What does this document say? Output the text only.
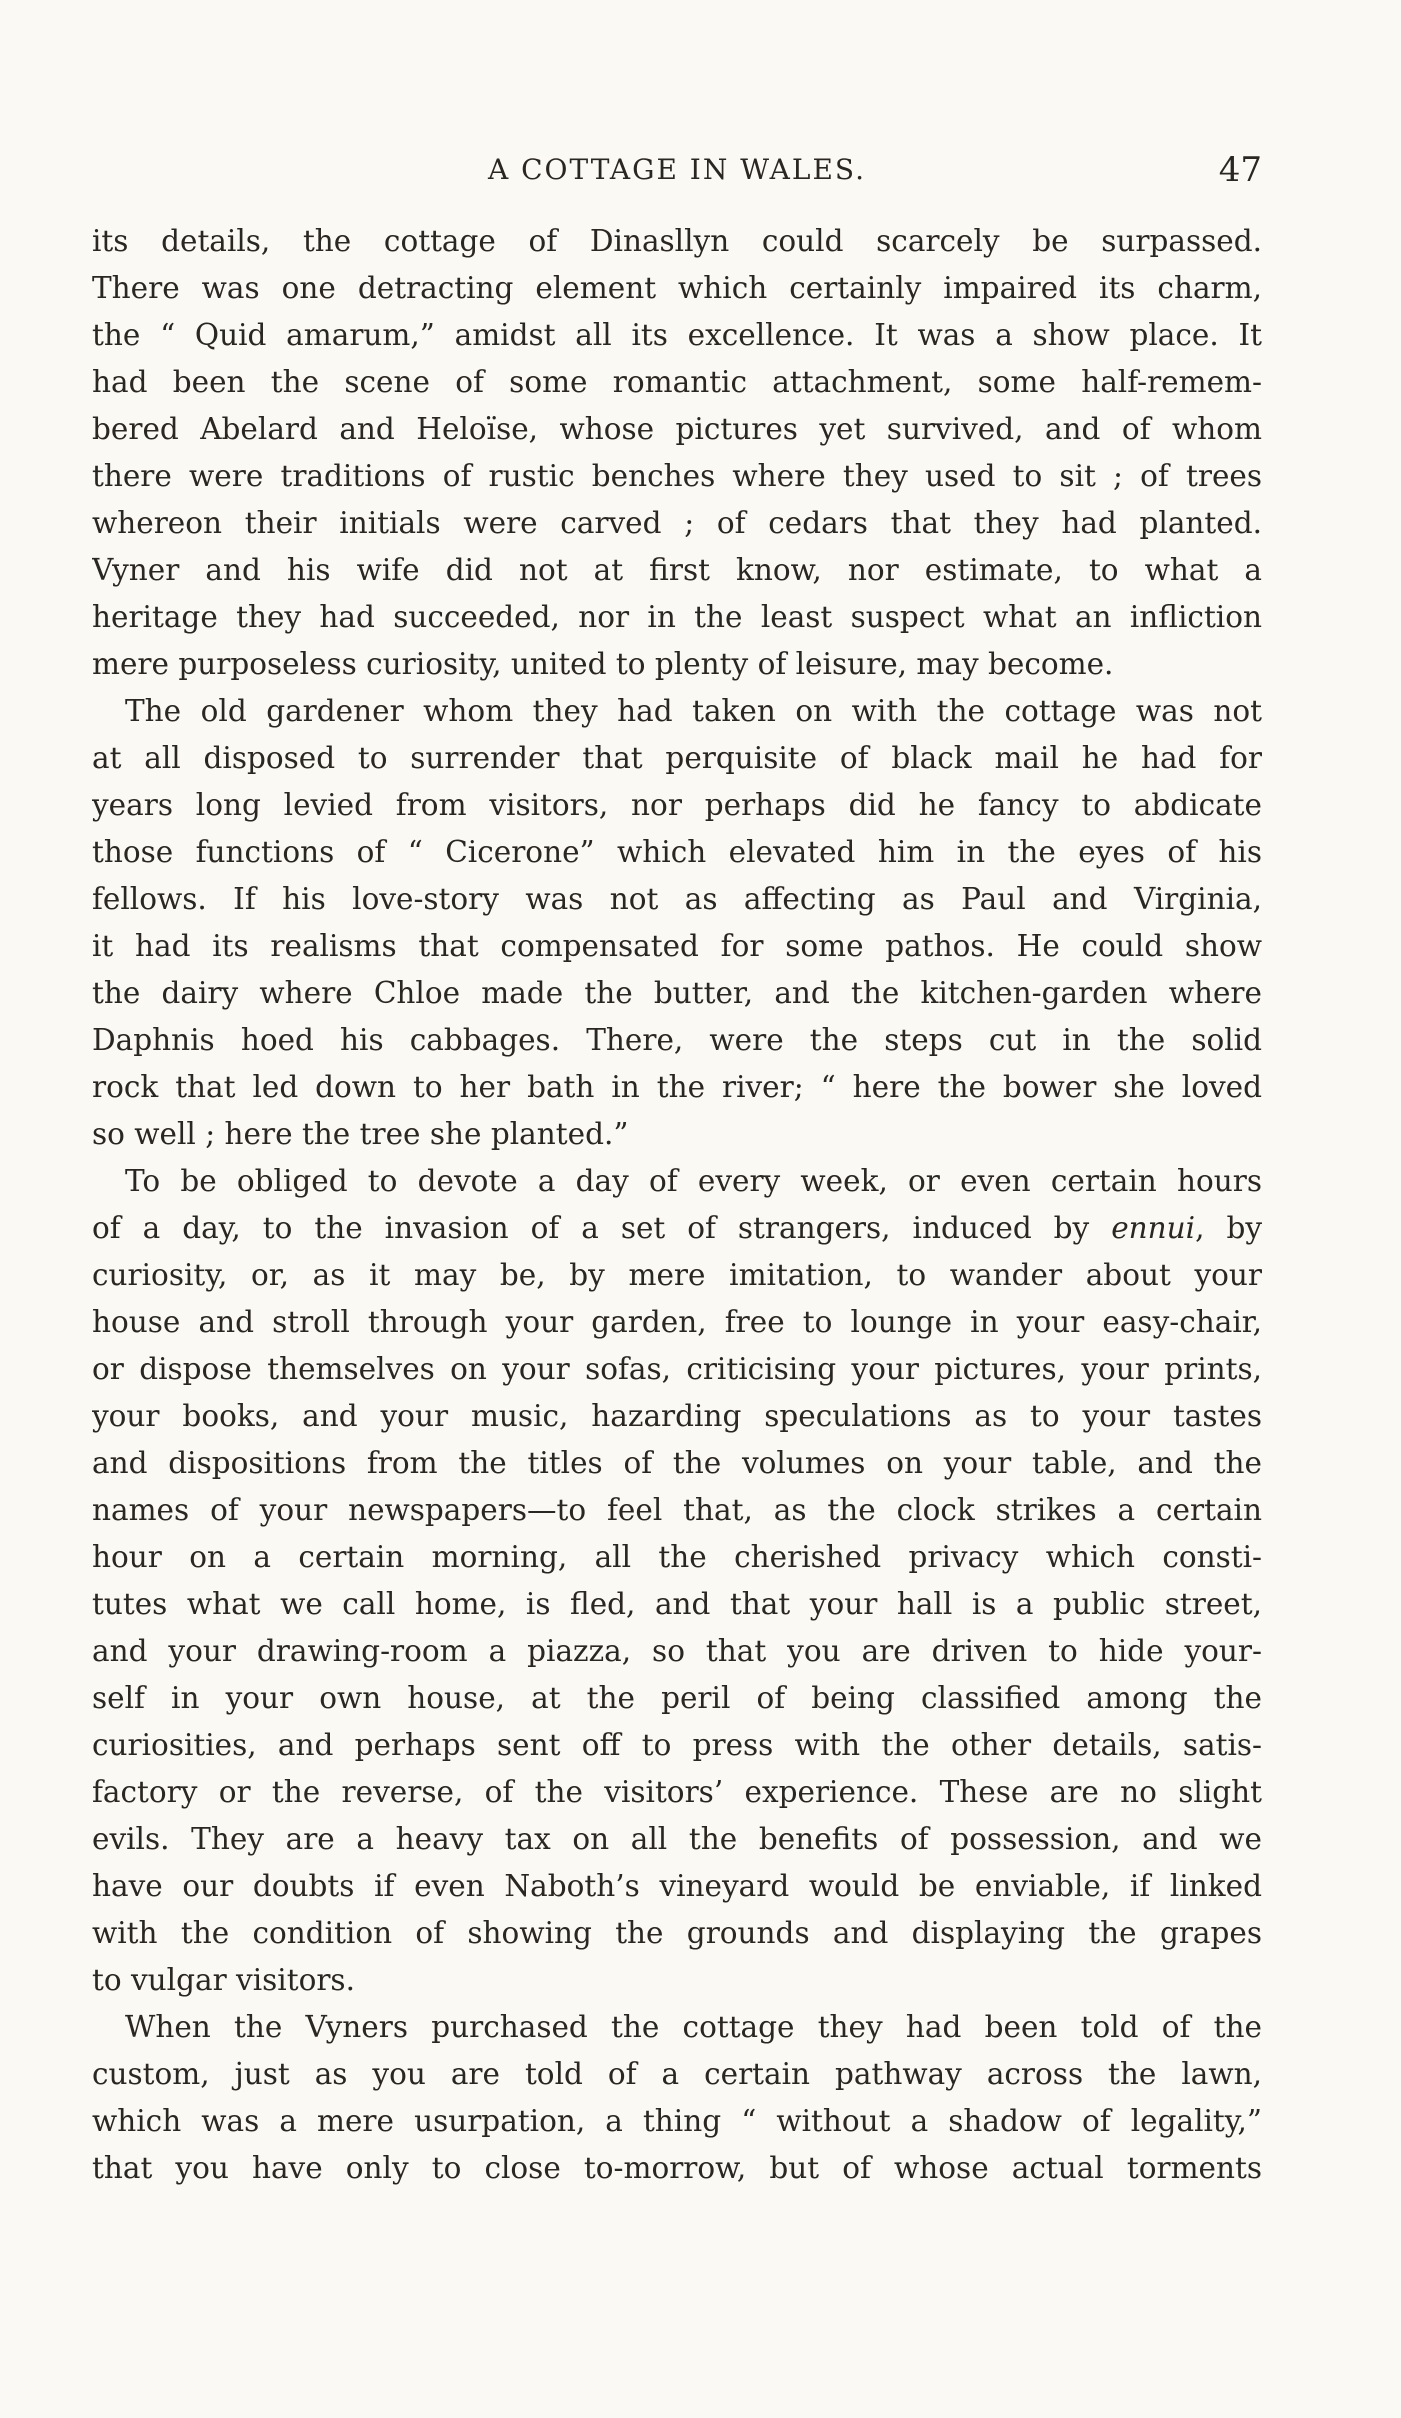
A COTTAGE IN WALES.	47
its details, the cottage of Dinasllyn could scarcely be surpassed.
There was one detracting element which certainly impaired its charm,
the “ Quid amarum,” amidst all its excellence. It was a show place. It
had been the scene of some romantic attachment, some half-remem-
bered Abelard and Heloïse, whose pictures yet survived, and of whom
there were traditions of rustic benches where they used to sit ; of trees
whereon their initials were carved ; of cedars that they had planted.
Vyner and his wife did not at first know, nor estimate, to what a
heritage they had succeeded, nor in the least suspect what an infliction
mere purposeless curiosity, united to plenty of leisure, may become.
The old gardener whom they had taken on with the cottage was not
at all disposed to surrender that perquisite of black mail he had for
years long levied from visitors, nor perhaps did he fancy to abdicate
those functions of “ Cicerone” which elevated him in the eyes of his
fellows. If his love-story was not as affecting as Paul and Virginia,
it had its realisms that compensated for some pathos. He could show
the dairy where Chloe made the butter, and the kitchen-garden where
Daphnis hoed his cabbages. There, were the steps cut in the solid
rock that led down to her bath in the river; “ here the bower she loved
so well ; here the tree she planted.”
To be obliged to devote a day of every week, or even certain hours
of a day, to the invasion of a set of strangers, induced by ennui, by
curiosity, or, as it may be, by mere imitation, to wander about your
house and stroll through your garden, free to lounge in your easy-chair,
or dispose themselves on your sofas, criticising your pictures, your prints,
your books, and your music, hazarding speculations as to your tastes
and dispositions from the titles of the volumes on your table, and the
names of your newspapers—to feel that, as the clock strikes a certain
hour on a certain morning, all the cherished privacy which consti-
tutes what we call home, is fled, and that your hall is a public street,
and your drawing-room a piazza, so that you are driven to hide your-
self in your own house, at the peril of being classified among the
curiosities, and perhaps sent off to press with the other details, satis-
factory or the reverse, of the visitors’ experience. These are no slight
evils. They are a heavy tax on all the benefits of possession, and we
have our doubts if even Naboth’s vineyard would be enviable, if linked
with the condition of showing the grounds and displaying the grapes
to vulgar visitors.
When the Vyners purchased the cottage they had been told of the
custom, just as you are told of a certain pathway across the lawn,
which was a mere usurpation, a thing “ without a shadow of legality,”
that you have only to close to-morrow, but of whose actual torments
